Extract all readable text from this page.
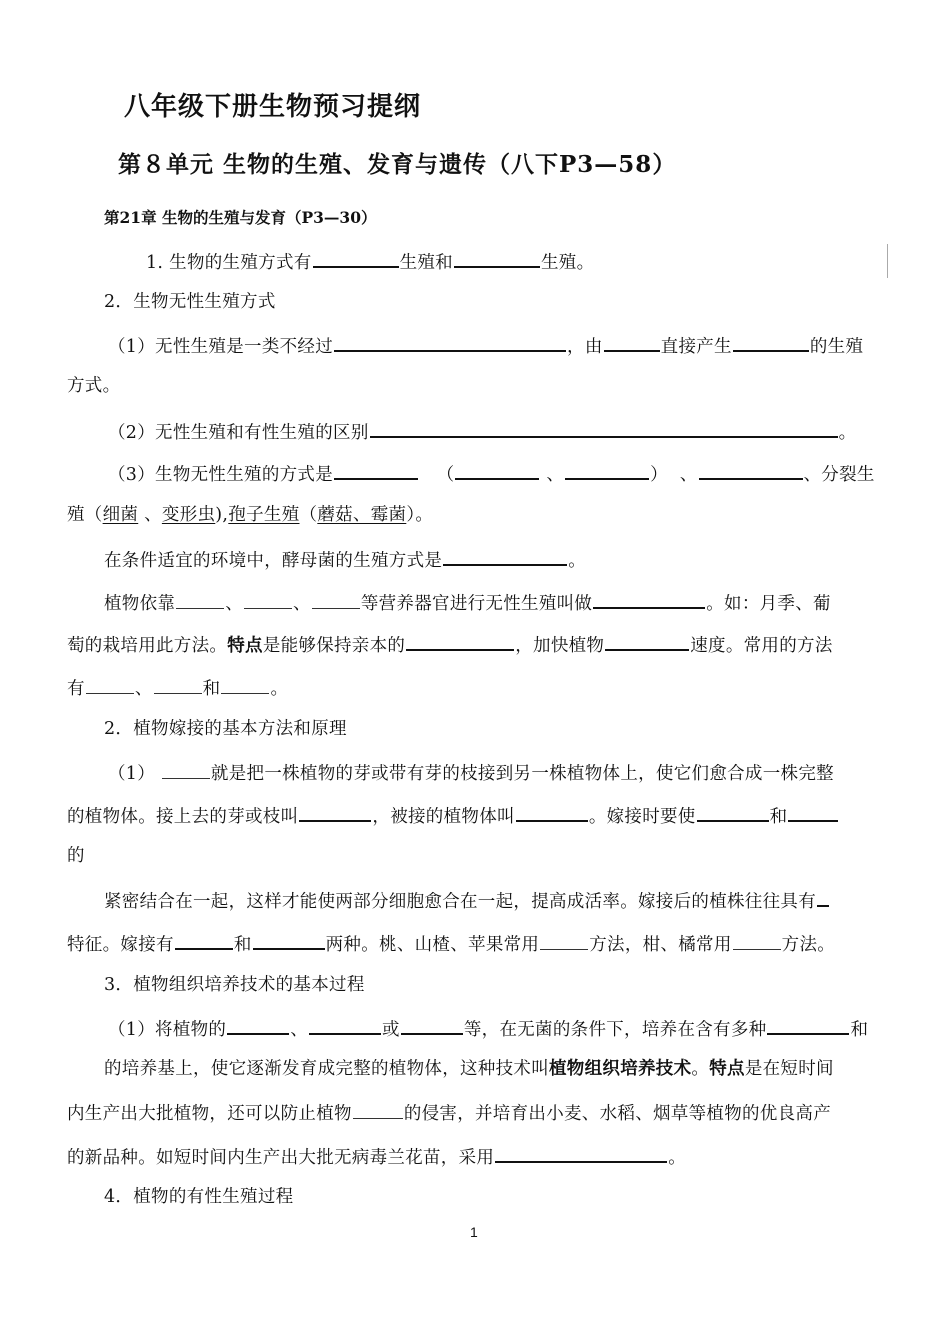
八年级下册生物预习提纲
第８单元 生物的生殖、发育与遗传（八下P3—58）
第21章 生物的生殖与发育（P3—30）
1. 生物的生殖方式有	生殖和	生殖。
2．生物无性生殖方式
（1）无性生殖是一类不经过	，由	直接产生	的生殖
方式。
（2）无性生殖和有性生殖的区别	。
（3）生物无性生殖的方式是	（	、	） 、	、分裂生
殖（细菌 、变形虫),孢子生殖（蘑菇、霉菌）。
在条件适宜的环境中，酵母菌的生殖方式是	。
植物依靠	、	、	等营养器官进行无性生殖叫做	。如：月季、葡
萄的栽培用此方法。特点是能够保持亲本的	，加快植物	速度。常用的方法
有	、	和	。
2．植物嫁接的基本方法和原理
（1）	就是把一株植物的芽或带有芽的枝接到另一株植物体上，使它们愈合成一株完整
的植物体。接上去的芽或枝叫	，被接的植物体叫	。嫁接时要使	和
的
紧密结合在一起，这样才能使两部分细胞愈合在一起，提高成活率。嫁接后的植株往往具有
特征。嫁接有	和	两种。桃、山楂、苹果常用	方法，柑、橘常用	方法。
3．植物组织培养技术的基本过程
（1）将植物的	、	或	等，在无菌的条件下，培养在含有多种	和
的培养基上，使它逐渐发育成完整的植物体，这种技术叫植物组织培养技术。特点是在短时间
内生产出大批植物，还可以防止植物	的侵害，并培育出小麦、水稻、烟草等植物的优良高产
的新品种。如短时间内生产出大批无病毒兰花苗，采用	。
4．植物的有性生殖过程
1
